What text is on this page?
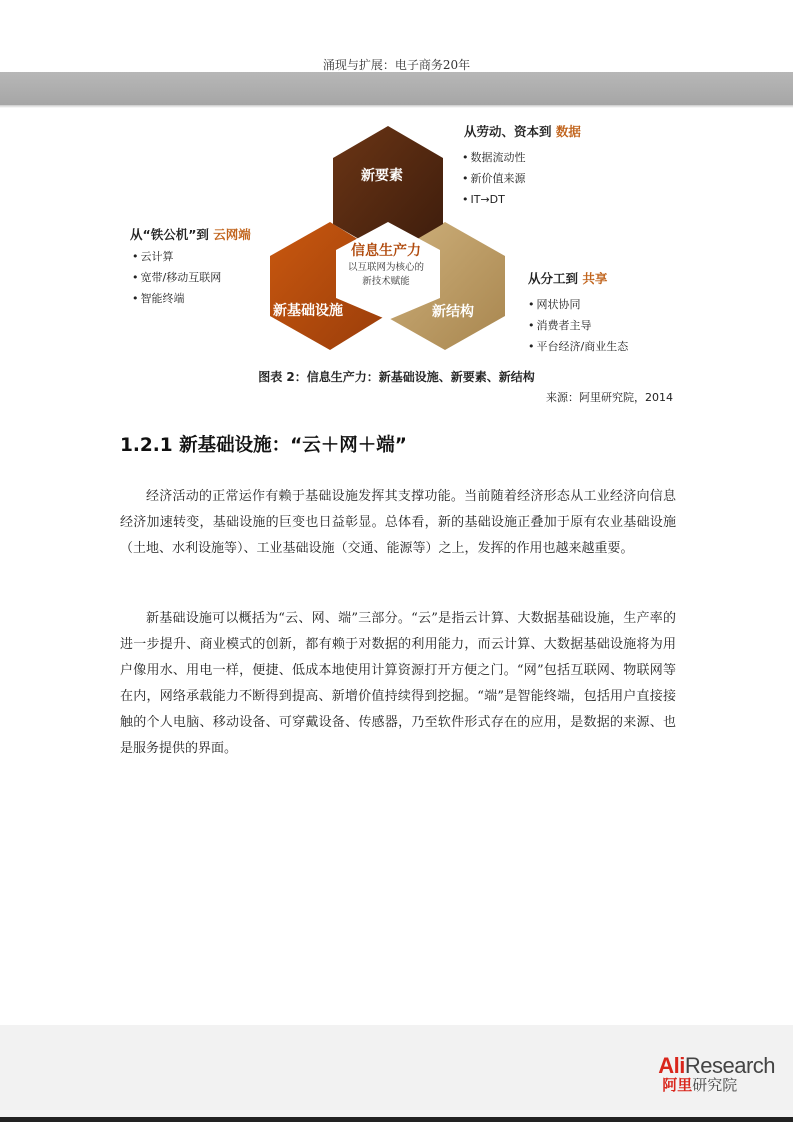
涌现与扩展：电子商务20年
新要素
新基础设施	新结构
信息生产力
以互联网为核心的
新技术赋能
从劳动、资本到 数据
• 数据流动性
• 新价值来源
• IT→DT
从“铁公机”到 云网端
• 云计算
• 宽带/移动互联网
• 智能终端
从分工到 共享
• 网状协同
• 消费者主导
• 平台经济/商业生态
图表 2：信息生产力：新基础设施、新要素、新结构
来源：阿里研究院，2014
1.2.1 新基础设施：“云＋网＋端”

经济活动的正常运作有赖于基础设施发挥其支撑功能。当前随着经济形态从工业经济向信息经济加速转变，基础设施的巨变也日益彰显。总体看，新的基础设施正叠加于原有农业基础设施（土地、水利设施等）、工业基础设施（交通、能源等）之上，发挥的作用也越来越重要。

新基础设施可以概括为“云、网、端”三部分。“云”是指云计算、大数据基础设施，生产率的进一步提升、商业模式的创新，都有赖于对数据的利用能力，而云计算、大数据基础设施将为用户像用水、用电一样，便捷、低成本地使用计算资源打开方便之门。“网”包括互联网、物联网等在内，网络承载能力不断得到提高、新增价值持续得到挖掘。“端”是智能终端，包括用户直接接触的个人电脑、移动设备、可穿戴设备、传感器，乃至软件形式存在的应用，是数据的来源、也是服务提供的界面。

AliResearch
阿里研究院
